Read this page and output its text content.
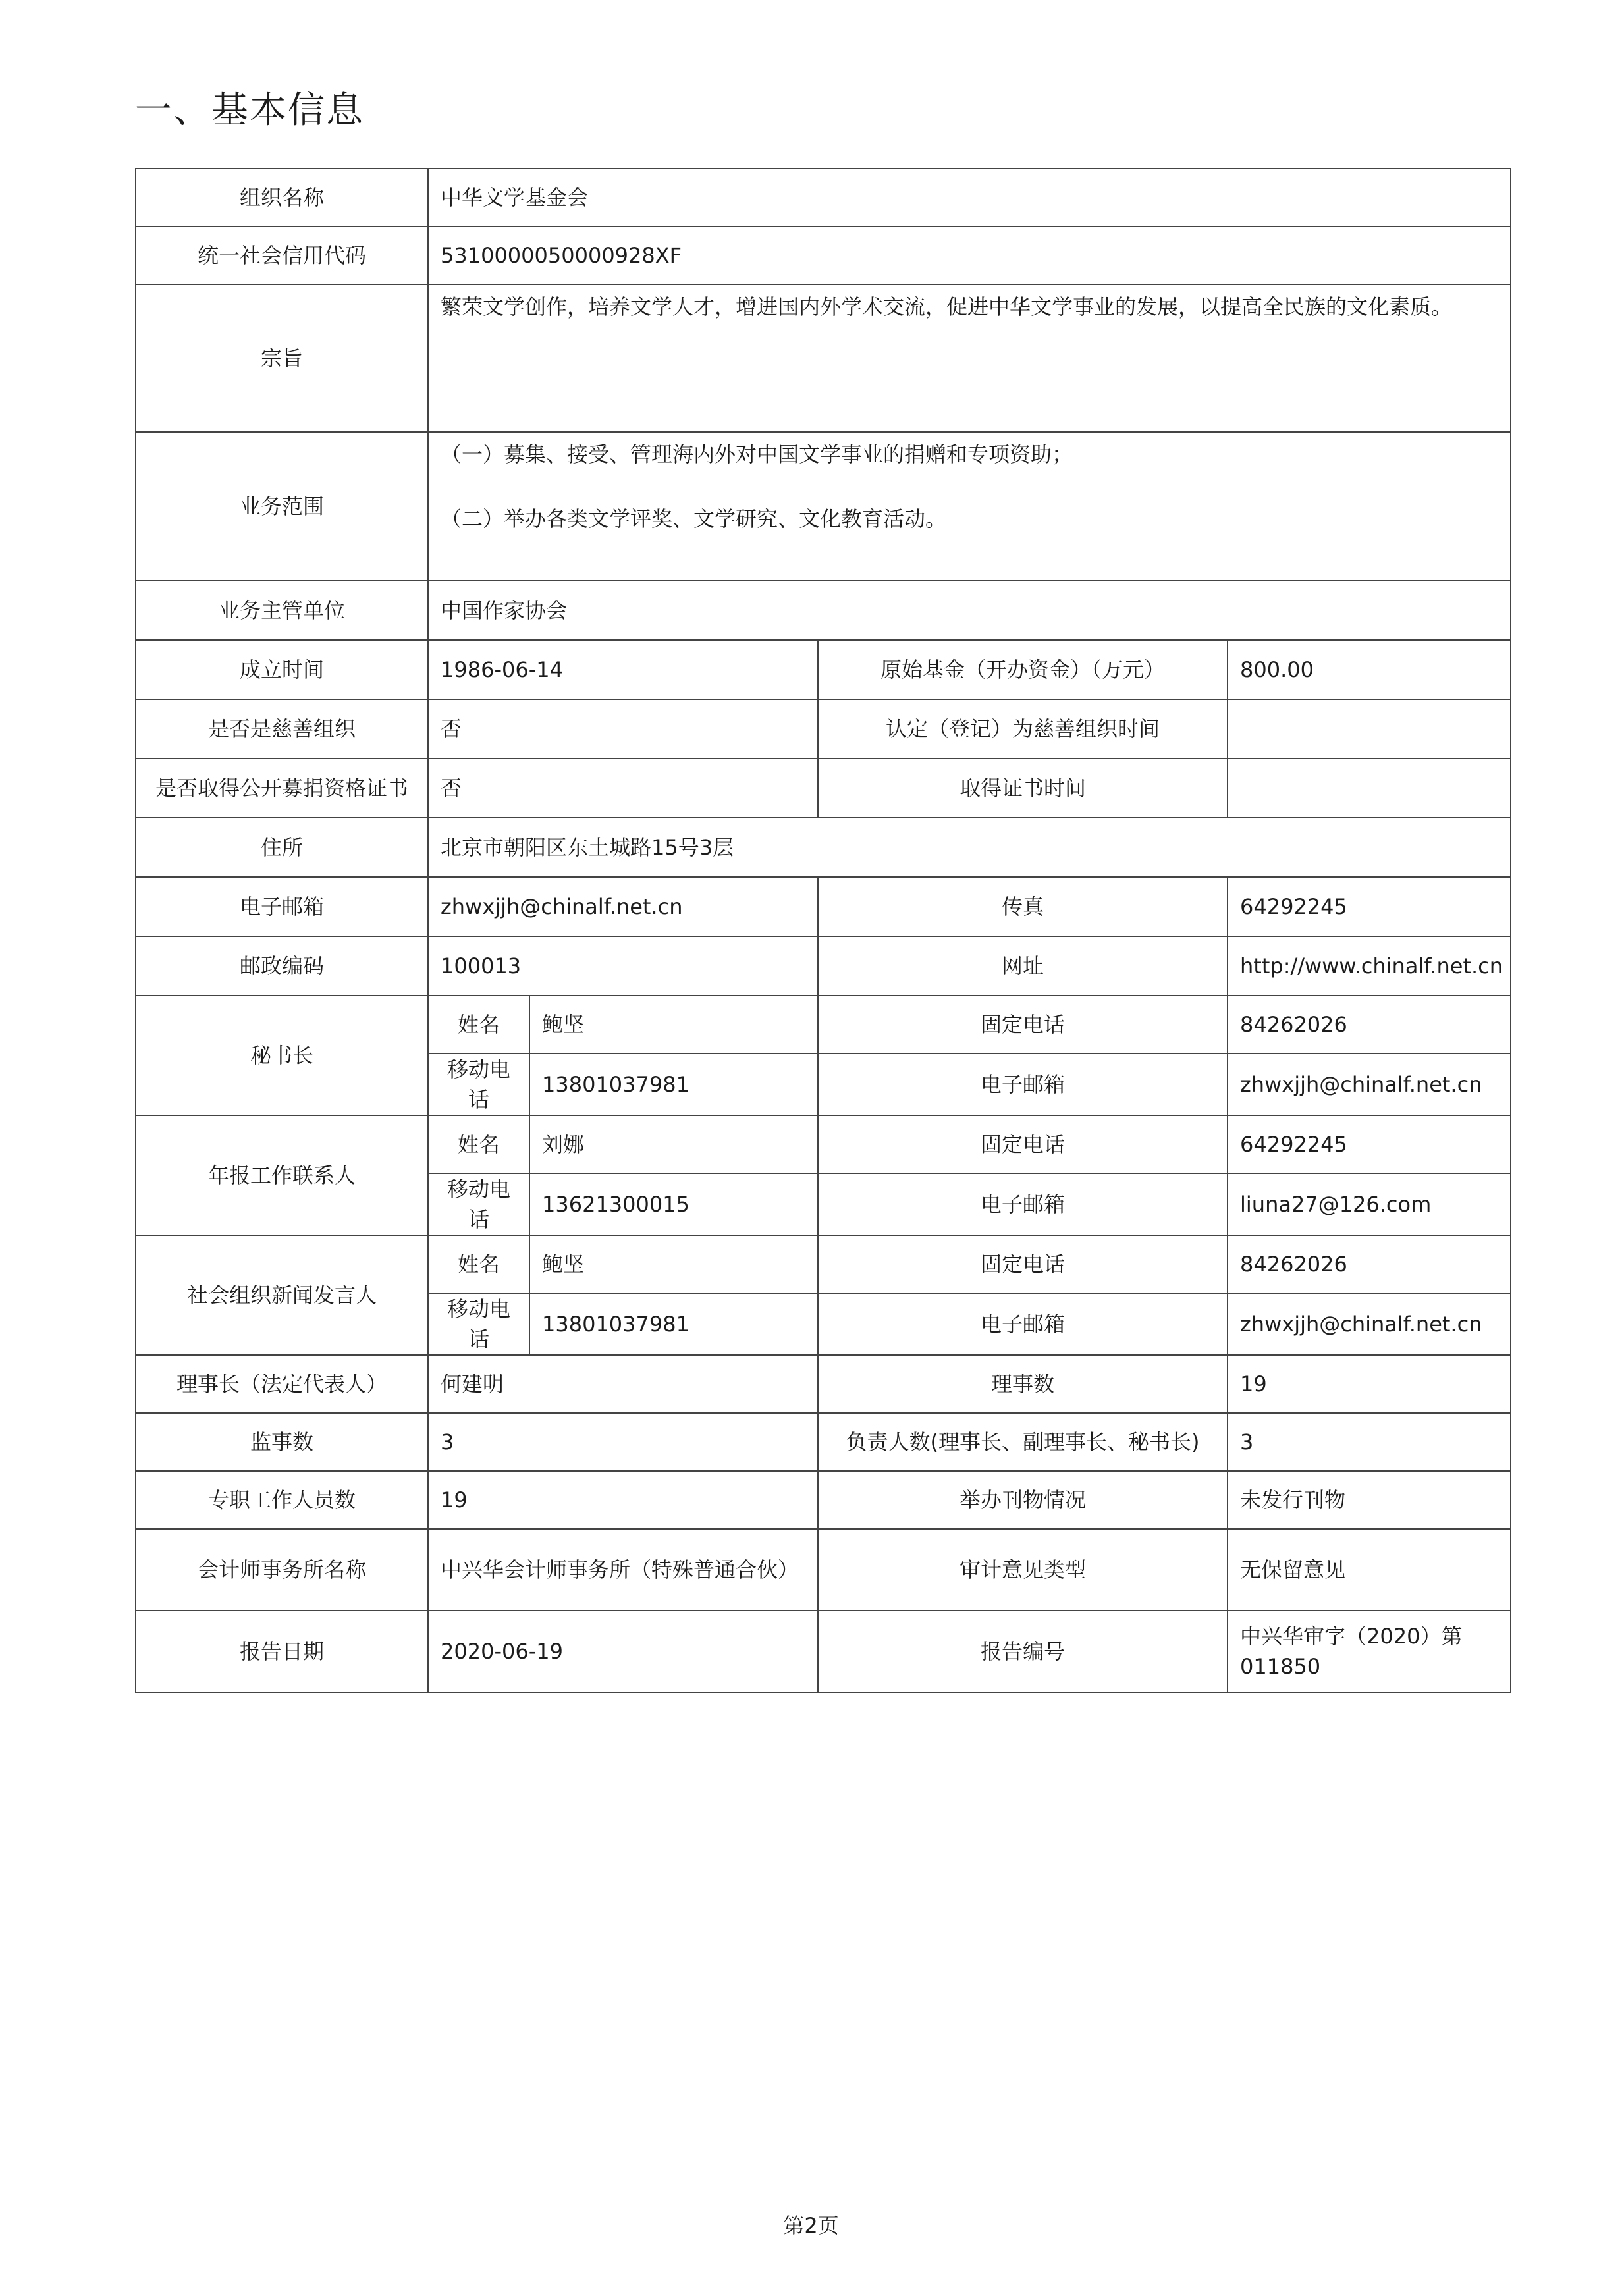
一、基本信息
组织名称	中华文学基金会			
统一社会信用代码	5310000050000928XF			
宗旨	繁荣文学创作，培养文学人才，增进国内外学术交流，促进中华文学事业的发展，以提高全民族的文化素质。			
业务范围	（一）募集、接受、管理海内外对中国文学事业的捐赠和专项资助；
（二）举办各类文学评奖、文学研究、文化教育活动。			

业务主管单位	中国作家协会			
成立时间	1986-06-14		原始基金（开办资金）（万元）	800.00
是否是慈善组织	否		认定（登记）为慈善组织时间	
是否取得公开募捐资格证书	否		取得证书时间	
住所	北京市朝阳区东土城路15号3层			
电子邮箱	zhwxjjh@chinalf.net.cn		传真	64292245
邮政编码	100013		网址	http://www.chinalf.net.cn
秘书长	姓名	鲍坚	固定电话	84262026
	移动电话	13801037981	电子邮箱	zhwxjjh@chinalf.net.cn
年报工作联系人	姓名	刘娜	固定电话	64292245
	移动电话	13621300015	电子邮箱	liuna27@126.com
社会组织新闻发言人	姓名	鲍坚	固定电话	84262026
	移动电话	13801037981	电子邮箱	zhwxjjh@chinalf.net.cn
理事长（法定代表人）	何建明		理事数	19
监事数	3		负责人数(理事长、副理事长、秘书长)	3
专职工作人员数	19		举办刊物情况	未发行刊物
会计师事务所名称	中兴华会计师事务所（特殊普通合伙）		审计意见类型	无保留意见
报告日期	2020-06-19		报告编号	中兴华审字（2020）第011850
第2页
